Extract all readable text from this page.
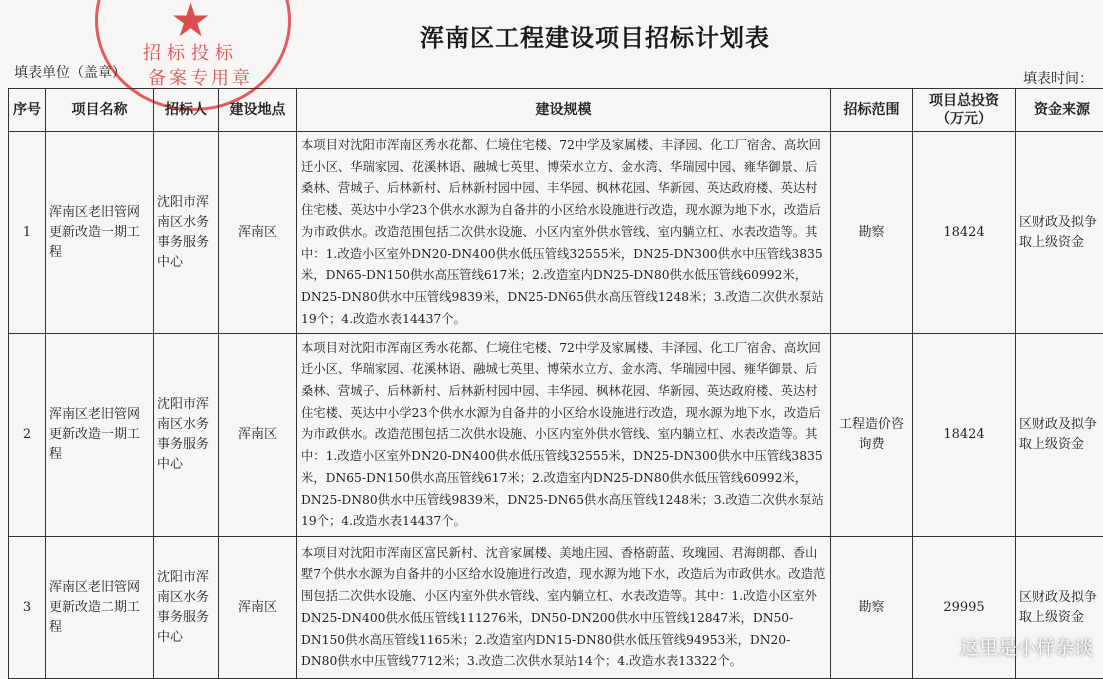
★
招标投标
备案专用章
浑南区工程建设项目招标计划表
填表单位（盖章）	填表时间：
序号	项目名称	招标人	建设地点	建设规模	招标范围	项目总投资（万元）	资金来源
1	浑南区老旧管网更新改造一期工程	沈阳市浑南区水务事务服务中心	浑南区	本项目对沈阳市浑南区秀水花都、仁境住宅楼、72中学及家属楼、丰泽园、化工厂宿舍、高坎回迁小区、华瑞家园、花溪林语、融城七英里、博荣水立方、金水湾、华瑞园中园、雍华御景、后桑林、营城子、后林新村、后林新村园中园、丰华园、枫林花园、华新园、英达政府楼、英达村住宅楼、英达中小学23个供水水源为自备井的小区给水设施进行改造，现水源为地下水，改造后为市政供水。改造范围包括二次供水设施、小区内室外供水管线、室内躺立杠、水表改造等。其中：1.改造小区室外DN20-DN400供水低压管线32555米，DN25-DN300供水中压管线3835米，DN65-DN150供水高压管线617米；2.改造室内DN25-DN80供水低压管线60992米，DN25-DN80供水中压管线9839米，DN25-DN65供水高压管线1248米；3.改造二次供水泵站19个；4.改造水表14437个。	勘察	18424	区财政及拟争取上级资金
2	浑南区老旧管网更新改造一期工程	沈阳市浑南区水务事务服务中心	浑南区	本项目对沈阳市浑南区秀水花都、仁境住宅楼、72中学及家属楼、丰泽园、化工厂宿舍、高坎回迁小区、华瑞家园、花溪林语、融城七英里、博荣水立方、金水湾、华瑞园中园、雍华御景、后桑林、营城子、后林新村、后林新村园中园、丰华园、枫林花园、华新园、英达政府楼、英达村住宅楼、英达中小学23个供水水源为自备井的小区给水设施进行改造，现水源为地下水，改造后为市政供水。改造范围包括二次供水设施、小区内室外供水管线、室内躺立杠、水表改造等。其中：1.改造小区室外DN20-DN400供水低压管线32555米，DN25-DN300供水中压管线3835米，DN65-DN150供水高压管线617米；2.改造室内DN25-DN80供水低压管线60992米，DN25-DN80供水中压管线9839米，DN25-DN65供水高压管线1248米；3.改造二次供水泵站19个；4.改造水表14437个。	工程造价咨询费	18424	区财政及拟争取上级资金
3	浑南区老旧管网更新改造二期工程	沈阳市浑南区水务事务服务中心	浑南区	本项目对沈阳市浑南区富民新村、沈音家属楼、美地庄园、香格蔚蓝、玫瑰园、君海朗郡、香山墅7个供水水源为自备井的小区给水设施进行改造，现水源为地下水，改造后为市政供水。改造范围包括二次供水设施、小区内室外供水管线、室内躺立杠、水表改造等。其中：1.改造小区室外DN25-DN400供水低压管线111276米，DN50-DN200供水中压管线12847米，DN50-DN150供水高压管线1165米；2.改造室内DN15-DN80供水低压管线94953米，DN20-DN80供水中压管线7712米；3.改造二次供水泵站14个；4.改造水表13322个。	勘察	29995	区财政及拟争取上级资金
这里是小样杂谈
